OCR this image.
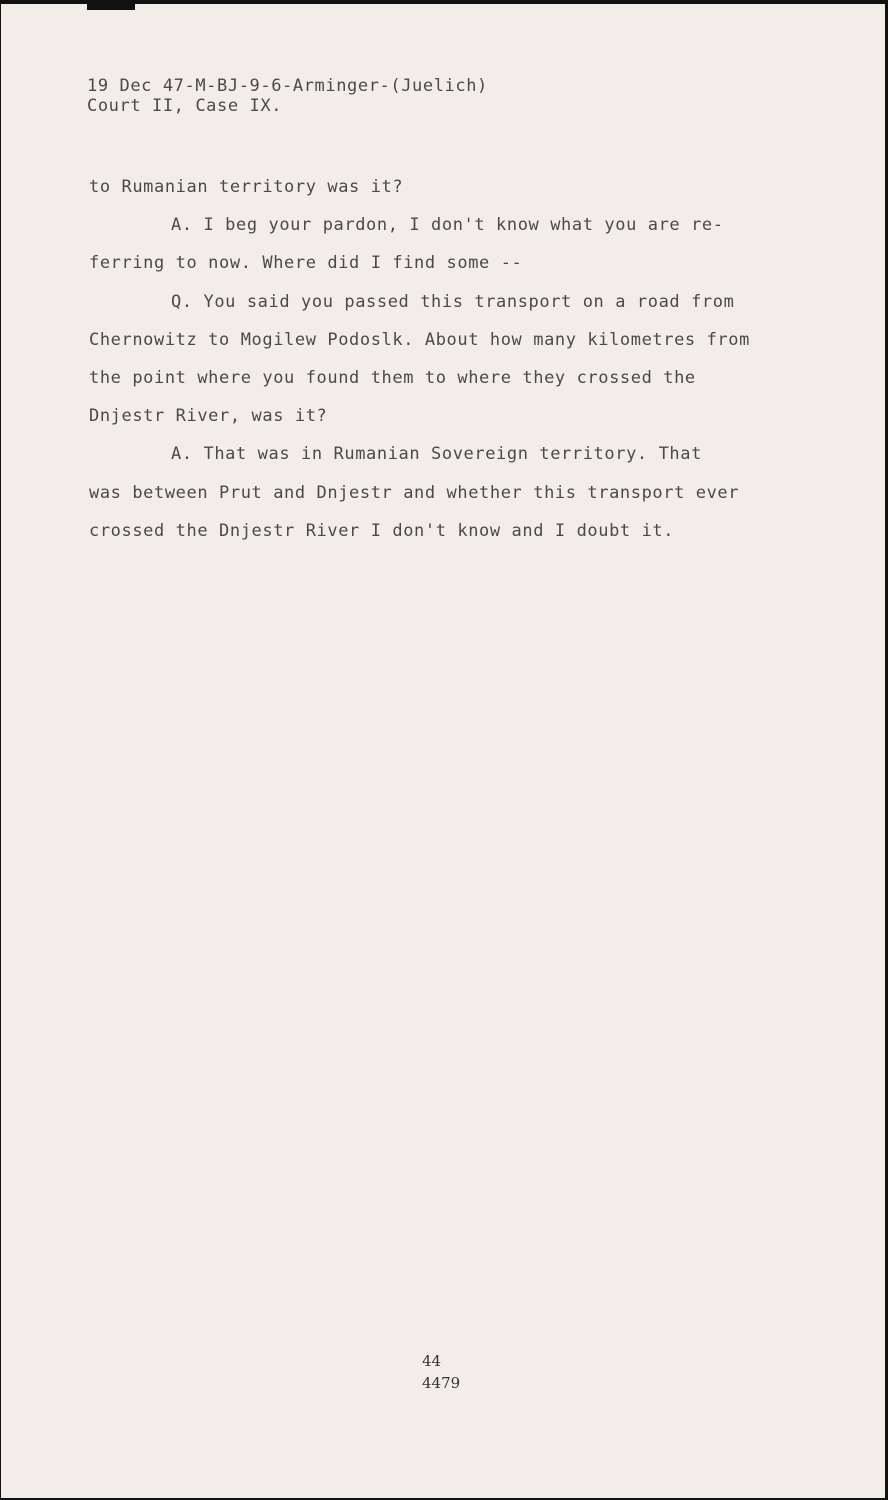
19 Dec 47-M-BJ-9-6-Arminger-(Juelich)
Court II, Case IX.
to Rumanian territory was it?
A. I beg your pardon, I don't know what you are re-
ferring to now. Where did I find some --
Q. You said you passed this transport on a road from
Chernowitz to Mogilew Podoslk. About how many kilometres from
the point where you found them to where they crossed the
Dnjestr River, was it?
A. That was in Rumanian Sovereign territory. That
was between Prut and Dnjestr and whether this transport ever
crossed the Dnjestr River I don't know and I doubt it.
44
4479
